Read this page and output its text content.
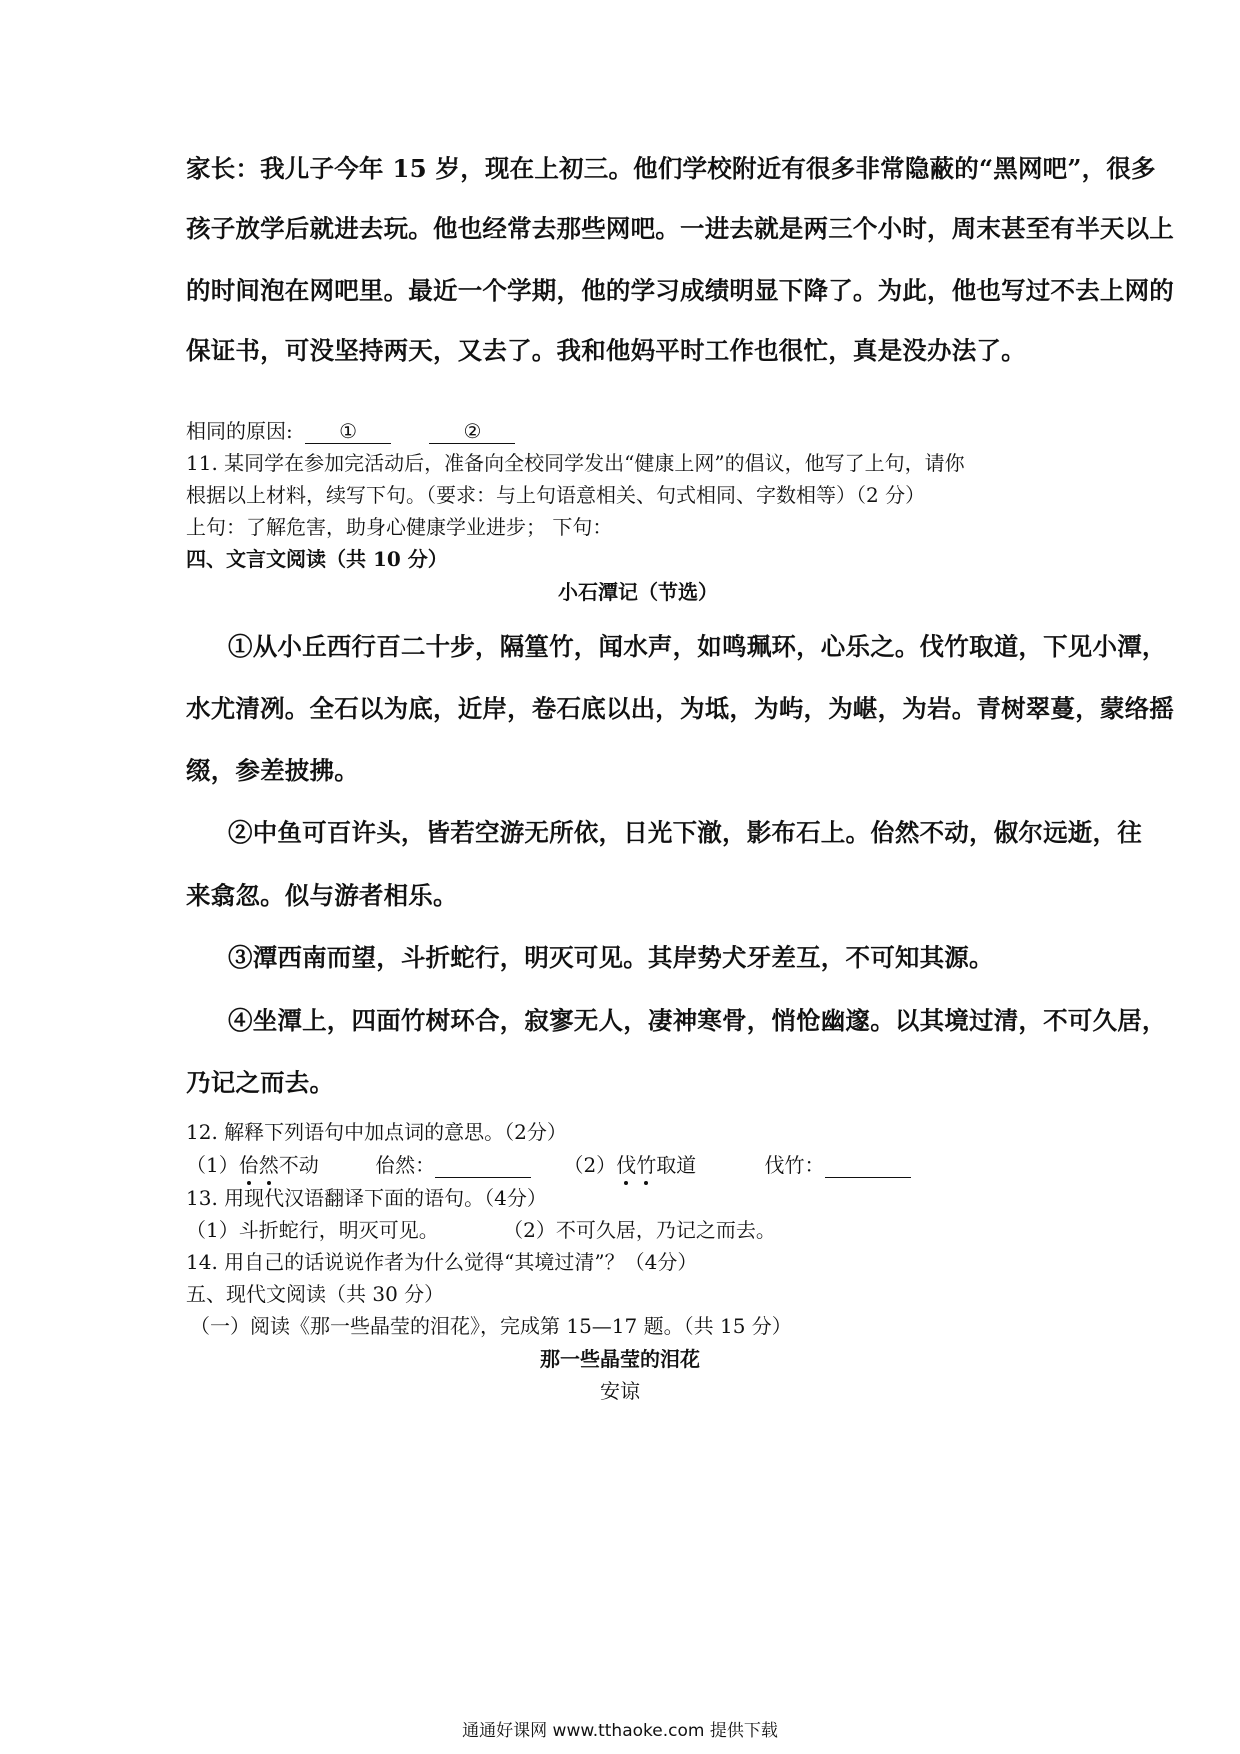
家长：我儿子今年 15 岁，现在上初三。他们学校附近有很多非常隐蔽的“黑网吧”，很多
孩子放学后就进去玩。他也经常去那些网吧。一进去就是两三个小时，周末甚至有半天以上
的时间泡在网吧里。最近一个学期，他的学习成绩明显下降了。为此，他也写过不去上网的
保证书，可没坚持两天，又去了。我和他妈平时工作也很忙，真是没办法了。
相同的原因: ①	②
11. 某同学在参加完活动后，准备向全校同学发出“健康上网”的倡议，他写了上句，请你
根据以上材料，续写下句。（要求：与上句语意相关、句式相同、字数相等）（2 分）
上句：了解危害，助身心健康学业进步； 下句：
四、文言文阅读（共 10 分）
小石潭记（节选）
①从小丘西行百二十步，隔篁竹，闻水声，如鸣珮环，心乐之。伐竹取道，下见小潭，
水尤清冽。全石以为底，近岸，卷石底以出，为坻，为屿，为嵁，为岩。青树翠蔓，蒙络摇
缀，参差披拂。
②中鱼可百许头，皆若空游无所依，日光下澈，影布石上。佁然不动，俶尔远逝，往
来翕忽。似与游者相乐。
③潭西南而望，斗折蛇行，明灭可见。其岸势犬牙差互，不可知其源。
④坐潭上，四面竹树环合，寂寥无人，凄神寒骨，悄怆幽邃。以其境过清，不可久居，
乃记之而去。
12. 解释下列语句中加点词的意思。（2分）
（1）佁然不动	佁然：	（2）伐竹取道	伐竹：
13. 用现代汉语翻译下面的语句。（4分）
（1）斗折蛇行，明灭可见。	（2）不可久居，乃记之而去。
14. 用自己的话说说作者为什么觉得“其境过清”？（4分）
五、现代文阅读（共 30 分）
（一）阅读《那一些晶莹的泪花》，完成第 15—17 题。（共 15 分）
那一些晶莹的泪花
安谅
通通好课网 www.tthaoke.com 提供下载
